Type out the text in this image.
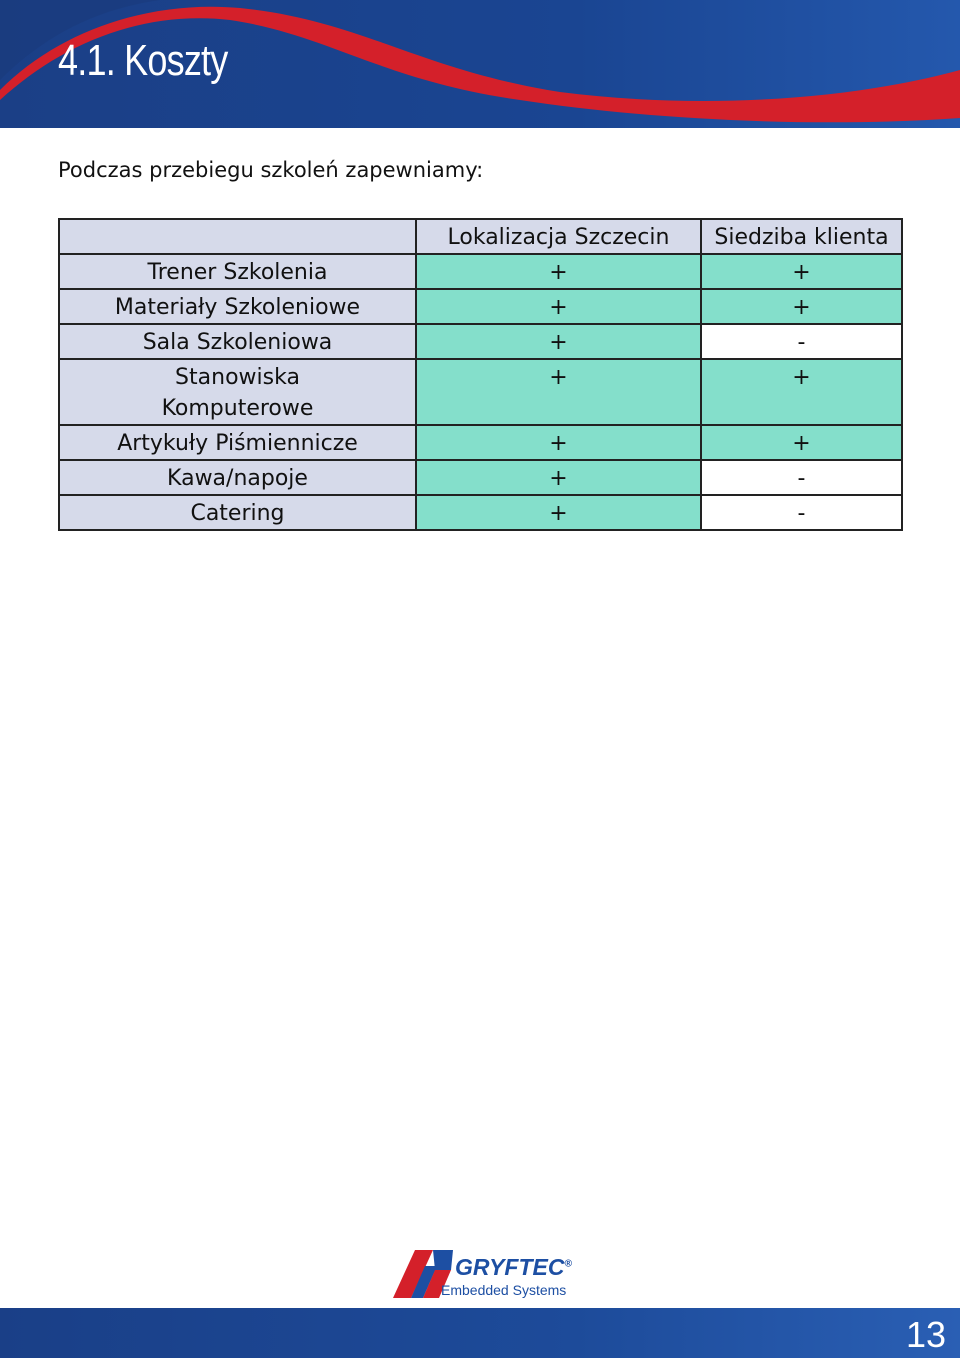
4.1. Koszty
Podczas przebiegu szkoleń zapewniamy:
	Lokalizacja Szczecin	Siedziba klienta
Trener Szkolenia	+	+
Materiały Szkoleniowe	+	+
Sala Szkoleniowa	+	-
Stanowiska Komputerowe	+	+
Artykuły Piśmiennicze	+	+
Kawa/napoje	+	-
Catering	+	-
GRYFTEC®
Embedded Systems
13
